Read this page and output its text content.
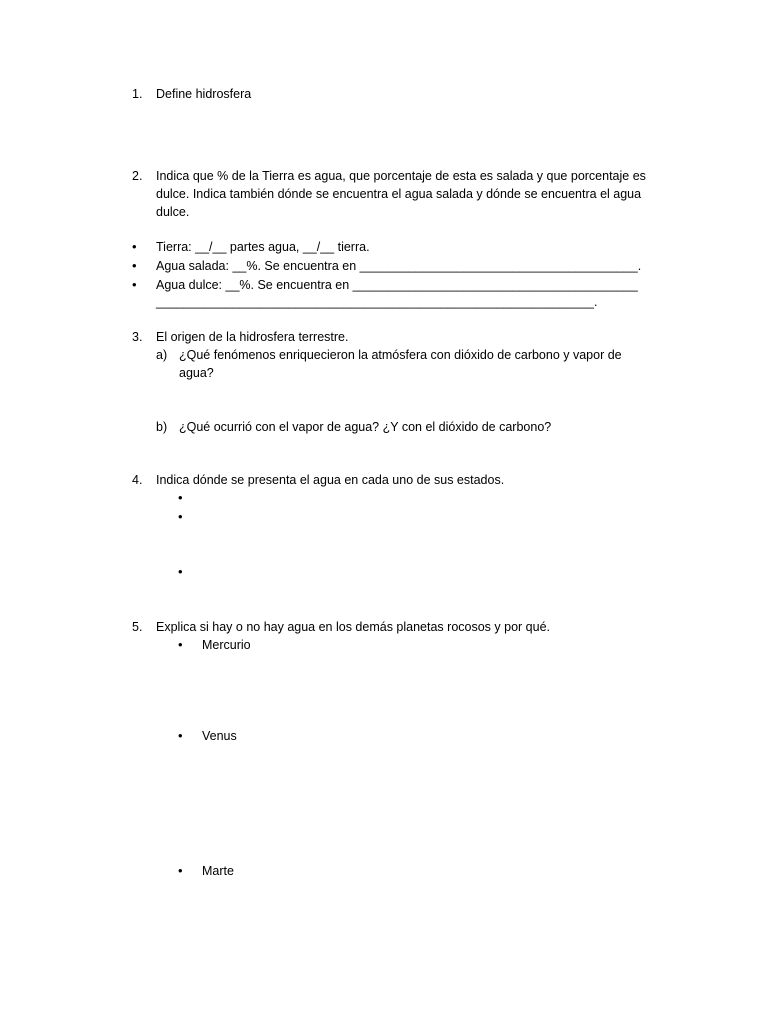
1. Define hidrosfera
2. Indica que % de la Tierra es agua, que porcentaje de esta es salada y que porcentaje es
dulce. Indica también dónde se encuentra el agua salada y dónde se encuentra el agua
dulce.
• Tierra: __/__ partes agua, __/__ tierra.
• Agua salada: __%. Se encuentra en ________________________________________.
• Agua dulce: __%. Se encuentra en _________________________________________
_______________________________________________________________.
3. El origen de la hidrosfera terrestre.
a) ¿Qué fenómenos enriquecieron la atmósfera con dióxido de carbono y vapor de
agua?
b) ¿Qué ocurrió con el vapor de agua? ¿Y con el dióxido de carbono?
4. Indica dónde se presenta el agua en cada uno de sus estados.
•
•
•
5. Explica si hay o no hay agua en los demás planetas rocosos y por qué.
• Mercurio
• Venus
• Marte
